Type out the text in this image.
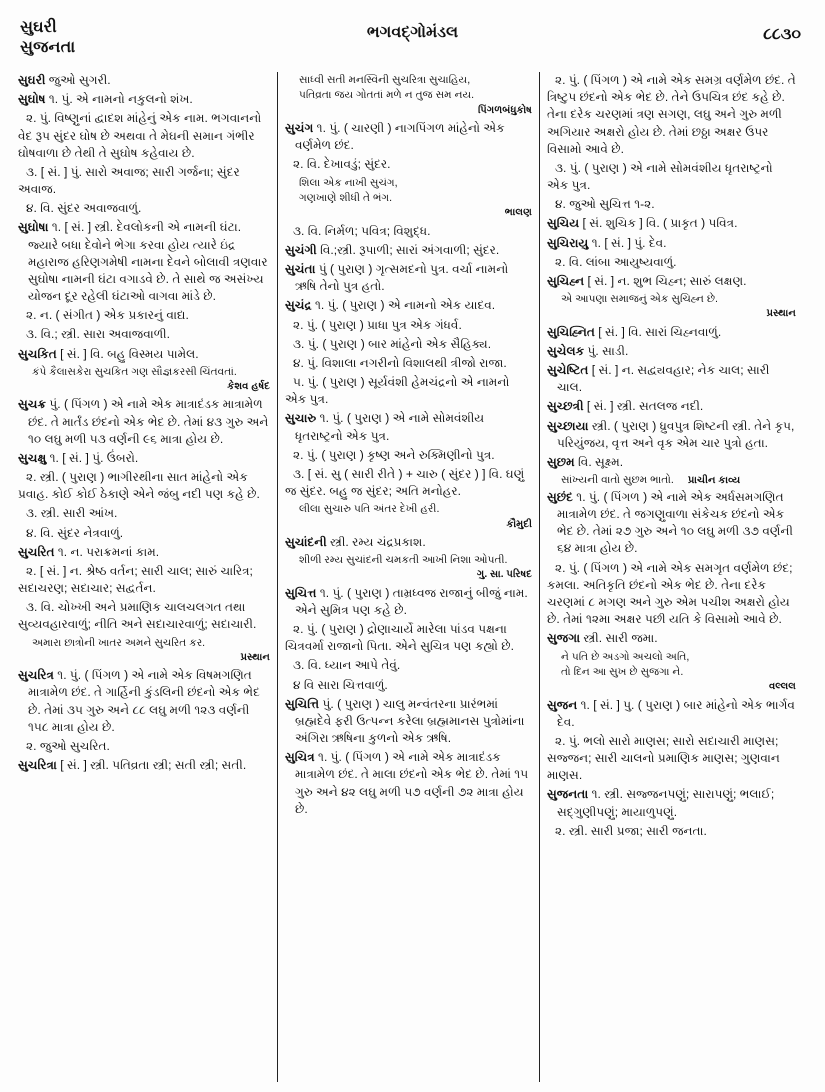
સુઘરી
સુજનતા
ભગવદ્ગોમંડલ	૮૮૩૦
સુઘરી જુઓ સુગરી.
સુઘોષ ૧. પું. એ નામનો નકુલનો શંખ.
૨. પું. વિષ્ણુનાં દ્વાદશ માંહેનું એક નામ. ભગવાનનો વેદ રૂપ સુંદર ઘોષ છે અથવા તે મેઘની સમાન ગંભીર ઘોષવાળા છે તેથી તે સુઘોષ કહેવાય છે.
૩. [ સં. ] પું. સારો અવાજ; સારી ગર્જના; સુંદર અવાજ.
૪. વિ. સુંદર અવાજવાળું.
સુઘોષા ૧. [ સં. ] સ્ત્રી. દેવલોકની એ નામની ઘંટા. જ્યારે બધા દેવોને ભેગા કરવા હોય ત્યારે ઇંદ્ર મહારાજ હરિણગમેષી નામના દેવને બોલાવી ત્રણવાર સુઘોષા નામની ઘંટા વગાડવે છે. તે સાથે જ અસંખ્ય યોજન દૂર રહેલી ઘંટાઓ વાગવા માંડે છે.
૨. ન. ( સંગીત ) એક પ્રકારનું વાદ્ય.
૩. વિ.; સ્ત્રી. સારા અવાજવાળી.
સુચકિત [ સં. ] વિ. બહુ વિસ્મય પામેલ.
કંપે કૈલાસકેરા સુચકિત ગણ સૌજ્ઞકરસી ચિંતવતાં.
કેશવ હર્ષદ
સુચક્ર પું. ( પિંગળ ) એ નામે એક માત્રાદંડક માત્રામેળ છંદ. તે માર્તંડ છંદનો એક ભેદ છે. તેમાં ૪૩ ગુરુ અને ૧૦ લઘુ મળી ૫૩ વર્ણની ૯૬ માત્રા હોય છે.
સુચક્ષુ ૧. [ સં. ] પું. ઉંબરો.
૨. સ્ત્રી. ( પુરાણ ) ભાગીરથીના સાત માંહેનો એક પ્રવાહ. કોઈ કોઈ ઠેકાણે એને જંબુ નદી પણ કહે છે.
૩. સ્ત્રી. સારી આંખ.
૪. વિ. સુંદર નેત્રવાળું.
સુચરિત ૧. ન. પરાક્રમનાં કામ.
૨. [ સં. ] ન. શ્રેષ્ઠ વર્તન; સારી ચાલ; સારું ચારિત્ર; સદાચરણ; સદાચાર; સદ્વર્તન.
૩. વિ. ચોખ્ખી અને પ્રમાણિક ચાલચલગત તથા સુવ્યવહારવાળું; નીતિ અને સદાચારવાળું; સદાચારી.
અમારા છાત્રોની ખાતર અમને સુચરિત કર.
પ્રસ્થાન
સુચરિત્ર ૧. પું. ( પિંગળ ) એ નામે એક વિષમગણિત માત્રામેળ છંદ. તે ગાર્હિની કુંડલિની છંદનો એક ભેદ છે. તેમાં ૩૫ ગુરુ અને ૮૮ લઘુ મળી ૧૨૩ વર્ણની ૧૫૮ માત્રા હોય છે.
૨. જુઓ સુચરિત.
સુચરિત્રા [ સં. ] સ્ત્રી. પતિવ્રતા સ્ત્રી; સતી સ્ત્રી; સતી.
સાધ્વી સતી મનસ્વિની સુચરિત્રા સુચાહિય,
પતિવ્રતા જય ગોતતાં મળે ન તુજ સમ નય.
પિંગળબંધુકોષ
સુચંગ ૧. પું. ( ચારણી ) નાગપિંગળ માંહેનો એક વર્ણમેળ છંદ.
૨. વિ. દેખાવડું; સુંદર.
શિલા એક નાખી સુચંગ,
ગણખાણે શીધી તે ભંગ.
ભાલણ
૩. વિ. નિર્મળ; પવિત્ર; વિશુદ્ધ.
સુચંગી વિ.;સ્ત્રી. રૂપાળી; સારાં અંગવાળી; સુંદર.
સુચંતા પું ( પુરાણ ) ગૃત્સમદનો પુત્ર. વર્ચા નામનો ઋષિ તેનો પુત્ર હતો.
સુચંદ્ર ૧. પું. ( પુરાણ ) એ નામનો એક યાદવ.
૨. પું. ( પુરાણ ) પ્રાધા પુત્ર એક ગંધર્વ.
૩. પું. ( પુરાણ ) બાર માંહેનો એક સૈહિક્ય.
૪. પું. વિશાલા નગરીનો વિશાલથી ત્રીજો રાજા.
૫. પું. ( પુરાણ ) સૂર્યવંશી હેમચંદ્રનો એ નામનો એક પુત્ર.
સુચારુ ૧. પું. ( પુરાણ ) એ નામે સોમવંશીય ધૃતરાષ્ટ્રનો એક પુત્ર.
૨. પું. ( પુરાણ ) કૃષ્ણ અને રુક્મિણીનો પુત્ર.
૩. [ સં. સુ ( સારી રીતે ) + ચારુ ( સુંદર ) ] વિ. ઘણું જ સુંદર. બહુ જ સુંદર; અતિ મનોહર.
લીલા સુચારુ પતિ અંતર દેખી હરી.
કૌમુદી
સુચાંદની સ્ત્રી. રમ્ય ચંદ્રપ્રકાશ.
શીળી રમ્ય સુચાંદની ચમકતી આખી નિશા ઓપતી.
ગુ. સા. પરિષદ
સુચિત્ત ૧. પું. ( પુરાણ ) તામ્રધ્વજ રાજાનું બીજું નામ. એને સુમિત્ર પણ કહે છે.
૨. પું. ( પુરાણ ) દ્રોણાચાર્યે મારેલા પાંડવ પક્ષના ચિત્રવર્મા રાજાનો પિતા. એને સુચિત્ર પણ કહ્યો છે.
૩. વિ. ધ્યાન આપે તેવું.
૪ વિ સારા ચિત્તવાળું.
સુચિત્તિ પું. ( પુરાણ ) ચાલુ મન્વંતરના પ્રારંભમાં બ્રહ્મદેવે ફરી ઉત્પન્ન કરેલા બ્રહ્મમાનસ પુત્રોમાંના અંગિરા ઋષિના કુળનો એક ઋષિ.
સુચિત્ર ૧. પું. ( પિંગળ ) એ નામે એક માત્રાદંડક માત્રામેળ છંદ. તે માલા છંદનો એક ભેદ છે. તેમાં ૧૫ ગુરુ અને ૪૨ લઘુ મળી ૫૭ વર્ણની ૭૨ માત્રા હોય છે.
૨. પું. ( પિંગળ ) એ નામે એક સમગ્ર વર્ણમેળ છંદ. તે ત્રિષ્ટુપ છંદનો એક ભેદ છે. તેને ઉપચિત્ર છંદ કહે છે. તેના દરેક ચરણમાં ત્રણ સગણ, લઘુ અને ગુરુ મળી અગિયાર અક્ષરો હોય છે. તેમાં છઠ્ઠા અક્ષર ઉપર વિસામો આવે છે.
૩. પું. ( પુરાણ ) એ નામે સોમવંશીય ધૃતરાષ્ટ્રનો એક પુત્ર.
૪. જુઓ સુચિત્ત ૧-૨.
સુચિય [ સં. શુચિક ] વિ. ( પ્રાકૃત ) પવિત્ર.
સુચિરાયુ ૧. [ સં. ] પું. દેવ.
૨. વિ. લાંબા આયુષ્યવાળું.
સુચિહ્ન [ સં. ] ન. શુભ ચિહ્ન; સારું લક્ષણ.
એ આપણા સમાજનું એક સુચિહ્ન છે.
પ્રસ્થાન
સુચિહ્નિત [ સં. ] વિ. સારાં ચિહ્નવાળું.
સુચેલક પું. સાડી.
સુચેષ્ટિત [ સં. ] ન. સદ્વ્યવહાર; નેક ચાલ; સારી ચાલ.
સુચ્છત્રી [ સં. ] સ્ત્રી. સતલજ નદી.
સુચ્છાયા સ્ત્રી. ( પુરાણ ) ધ્રુવપુત્ર શિષ્ટની સ્ત્રી. તેને કૃપ, પરિયુંજય, વૃત્ત અને વૃક એમ ચાર પુત્રો હતા.
સુછમ વિ. સૂક્ષ્મ.
સાંખ્યની વાતો સુછમ ભાતો. પ્રાચીન કાવ્ય
સુછંદ ૧. પું. ( પિંગળ ) એ નામે એક અર્ધસમગણિત માત્રામેળ છંદ. તે જગણુવાળા સંકેચક છંદનો એક ભેદ છે. તેમાં ૨૭ ગુરુ અને ૧૦ લઘુ મળી ૩૭ વર્ણની ૬૪ માત્રા હોય છે.
૨. પું. ( પિંગળ ) એ નામે એક સમગૃત વર્ણમેળ છંદ; કમલા. અતિકૃતિ છંદનો એક ભેદ છે. તેના દરેક ચરણમાં ૮ મગણ અને ગુરુ એમ પચીશ અક્ષરો હોય છે. તેમાં ૧૨મા અક્ષર પછી યતિ કે વિસામો આવે છે.
સુજગા સ્ત્રી. સારી જમા.
ને પતિ છે અડગો અચલો અતિ,
તો દિન આ સુખ છે સુજગા ને.
વલ્લલ
સુજન ૧. [ સં. ] પુ. ( પુરાણ ) બાર માંહેનો એક ભાર્ગવ દેવ.
૨. પું. ભલો સારો માણસ; સારો સદાચારી માણસ; સજ્જન; સારી ચાલનો પ્રમાણિક માણસ; ગુણવાન માણસ.
સુજનતા ૧. સ્ત્રી. સજ્જનપણું; સારાપણું; ભલાઈ; સદ્ગુણીપણું; માયાળુપણું.
૨. સ્ત્રી. સારી પ્રજા; સારી જનતા.
